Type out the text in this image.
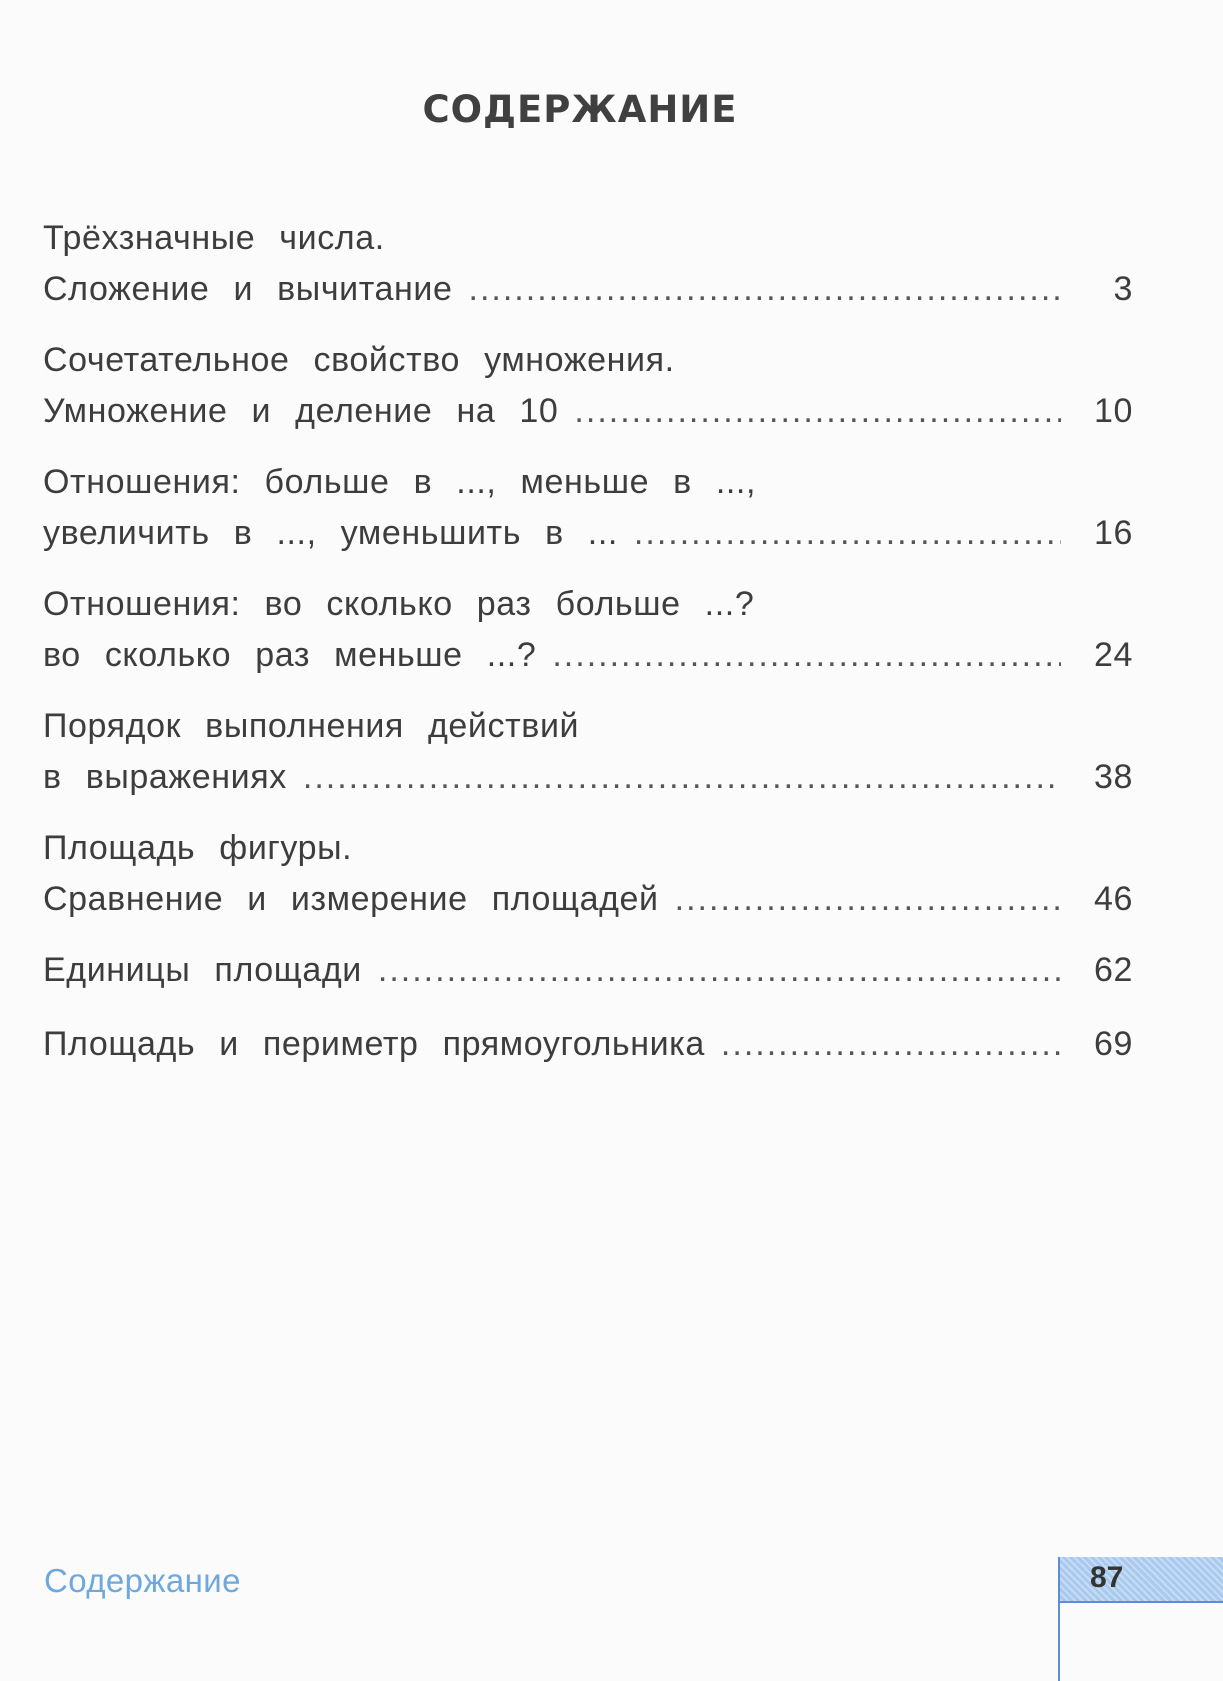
СОДЕРЖАНИЕ
Трёхзначные числа.
Сложение и вычитание .....	3
Сочетательное свойство умножения.
Умножение и деление на 10 .....	10
Отношения: больше в ..., меньше в ...,
увеличить в ..., уменьшить в ... .....	16
Отношения: во сколько раз больше ...?
во сколько раз меньше ...? .....	24
Порядок выполнения действий
в выражениях .....	38
Площадь фигуры.
Сравнение и измерение площадей .....	46
Единицы площади .....	62
Площадь и периметр прямоугольника .....	69
Содержание	87
